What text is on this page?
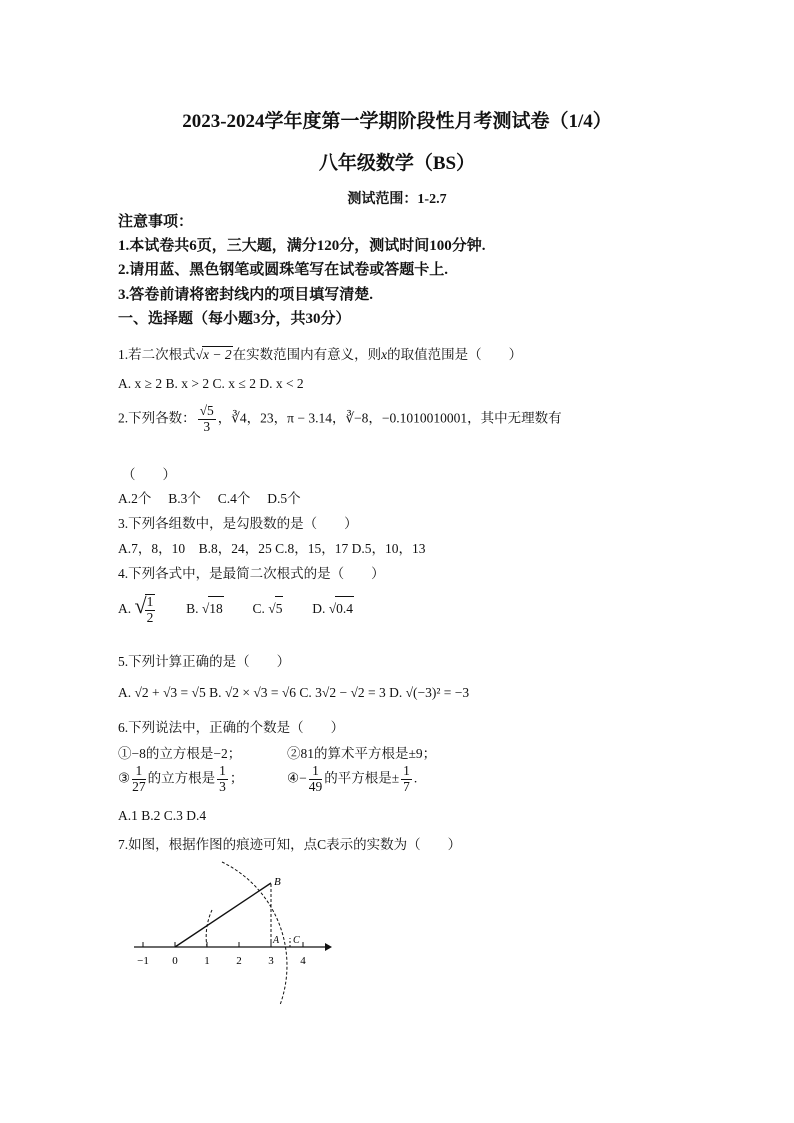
2023-2024学年度第一学期阶段性月考测试卷（1/4）
八年级数学（BS）
测试范围：1-2.7
注意事项：
1.本试卷共6页，三大题，满分120分，测试时间100分钟.
2.请用蓝、黑色钢笔或圆珠笔写在试卷或答题卡上.
3.答卷前请将密封线内的项目填写清楚.
一、选择题（每小题3分，共30分）
1.若二次根式√x − 2在实数范围内有意义，则x的取值范围是（　　）
A. x ≥ 2 B. x > 2 C. x ≤ 2 D. x < 2
2.下列各数： $\frac{√5}{3}$ ，∛4，23，π − 3.14，∛−8，−0.1010010001，其中无理数有
（　　）
A.2个　 B.3个　 C.4个　 D.5个
3.下列各组数中，是勾股数的是（　　）
A.7，8，10　B.8，24，25 C.8，15，17 D.5，10，13
4.下列各式中，是最简二次根式的是（　　）
A. √
$\frac{1}{2} B$. √18 C. √5 D. √0.4
5.下列计算正确的是（　　）
A. √2 + √3 = √5 B. √2 × √3 = √6 C. 3√2 − √2 = 3 D. √(−3)² = −3
6.下列说法中，正确的个数是（　　）
①−8的立方根是−2；	②81的算术平方根是±9；
③ $\frac{1}{27}$ 的立方根是 $\frac{1}{3}$ ；	④− $\frac{1}{49}$ 的平方根是± $\frac{1}{7}$ .
A.1 B.2 C.3 D.4
7.如图，根据作图的痕迹可知，点C表示的实数为（　　）
−1 0 1 2 3 4
B
A C
